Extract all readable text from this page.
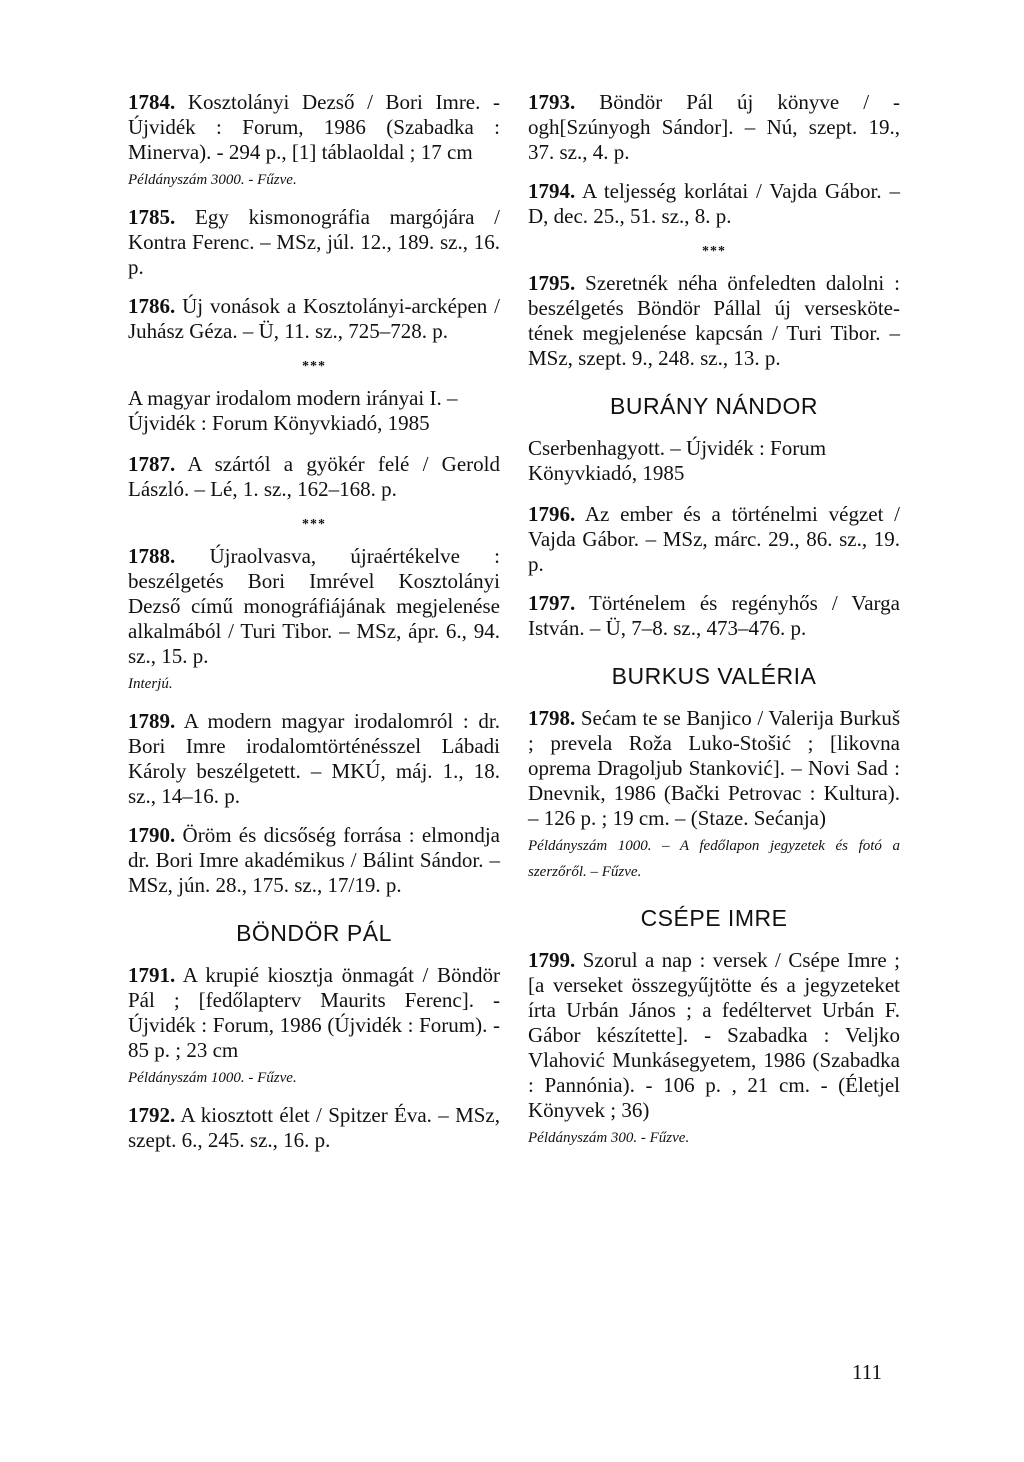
1784. Kosztolányi Dezső / Bori Imre. - Újvidék : Forum, 1986 (Szabadka : Minerva). - 294 p., [1] táblaoldal ; 17 cm
Példányszám 3000. - Fűzve.
1785. Egy kismonográfia margójára / Kontra Ferenc. – MSz, júl. 12., 189. sz., 16. p.
1786. Új vonások a Kosztolányi-arcképen / Juhász Géza. – Ü, 11. sz., 725–728. p.
***
A magyar irodalom modern irányai I. – Újvidék : Forum Könyvkiadó, 1985
1787. A szártól a gyökér felé / Gerold László. – Lé, 1. sz., 162–168. p.
***
1788. Újraolvasva, újraértékelve : beszélgetés Bori Imrével Kosztolányi Dezső című monográfiájának megjelenése alkalmából / Turi Tibor. – MSz, ápr. 6., 94. sz., 15. p.
Interjú.
1789. A modern magyar irodalomról : dr. Bori Imre irodalomtörténésszel Lábadi Károly beszélgetett. – MKÚ, máj. 1., 18. sz., 14–16. p.
1790. Öröm és dicsőség forrása : elmondja dr. Bori Imre akadémikus / Bálint Sándor. – MSz, jún. 28., 175. sz., 17/19. p.
BÖNDÖR PÁL
1791. A krupié kiosztja önmagát / Böndör Pál ; [fedőlapterv Maurits Ferenc]. - Újvidék : Forum, 1986 (Újvidék : Forum). - 85 p. ; 23 cm
Példányszám 1000. - Fűzve.
1792. A kiosztott élet / Spitzer Éva. – MSz, szept. 6., 245. sz., 16. p.
1793. Böndör Pál új könyve / - ogh[Szúnyogh Sándor]. – Nú, szept. 19., 37. sz., 4. p.
1794. A teljesség korlátai / Vajda Gábor. – D, dec. 25., 51. sz., 8. p.
***
1795. Szeretnék néha önfeledten dalolni : beszélgetés Böndör Pállal új verseskötetének megjelenése kapcsán / Turi Tibor. – MSz, szept. 9., 248. sz., 13. p.
BURÁNY NÁNDOR
Cserbenhagyott. – Újvidék : Forum Könyvkiadó, 1985
1796. Az ember és a történelmi végzet / Vajda Gábor. – MSz, márc. 29., 86. sz., 19. p.
1797. Történelem és regényhős / Varga István. – Ü, 7–8. sz., 473–476. p.
BURKUS VALÉRIA
1798. Sećam te se Banjico / Valerija Burkuš ; prevela Roža Luko-Stošić ; [likovna oprema Dragoljub Stanković]. – Novi Sad : Dnevnik, 1986 (Bački Petrovac : Kultura). – 126 p. ; 19 cm. – (Staze. Sećanja)
Példányszám 1000. – A fedőlapon jegyzetek és fotó a szerzőről. – Fűzve.
CSÉPE IMRE
1799. Szorul a nap : versek / Csépe Imre ; [a verseket összegyűjtötte és a jegyzeteket írta Urbán János ; a fedéltervet Urbán F. Gábor készítette]. - Szabadka : Veljko Vlahović Munkásegyetem, 1986 (Szabadka : Pannónia). - 106 p. , 21 cm. - (Életjel Könyvek ; 36)
Példányszám 300. - Fűzve.
111
